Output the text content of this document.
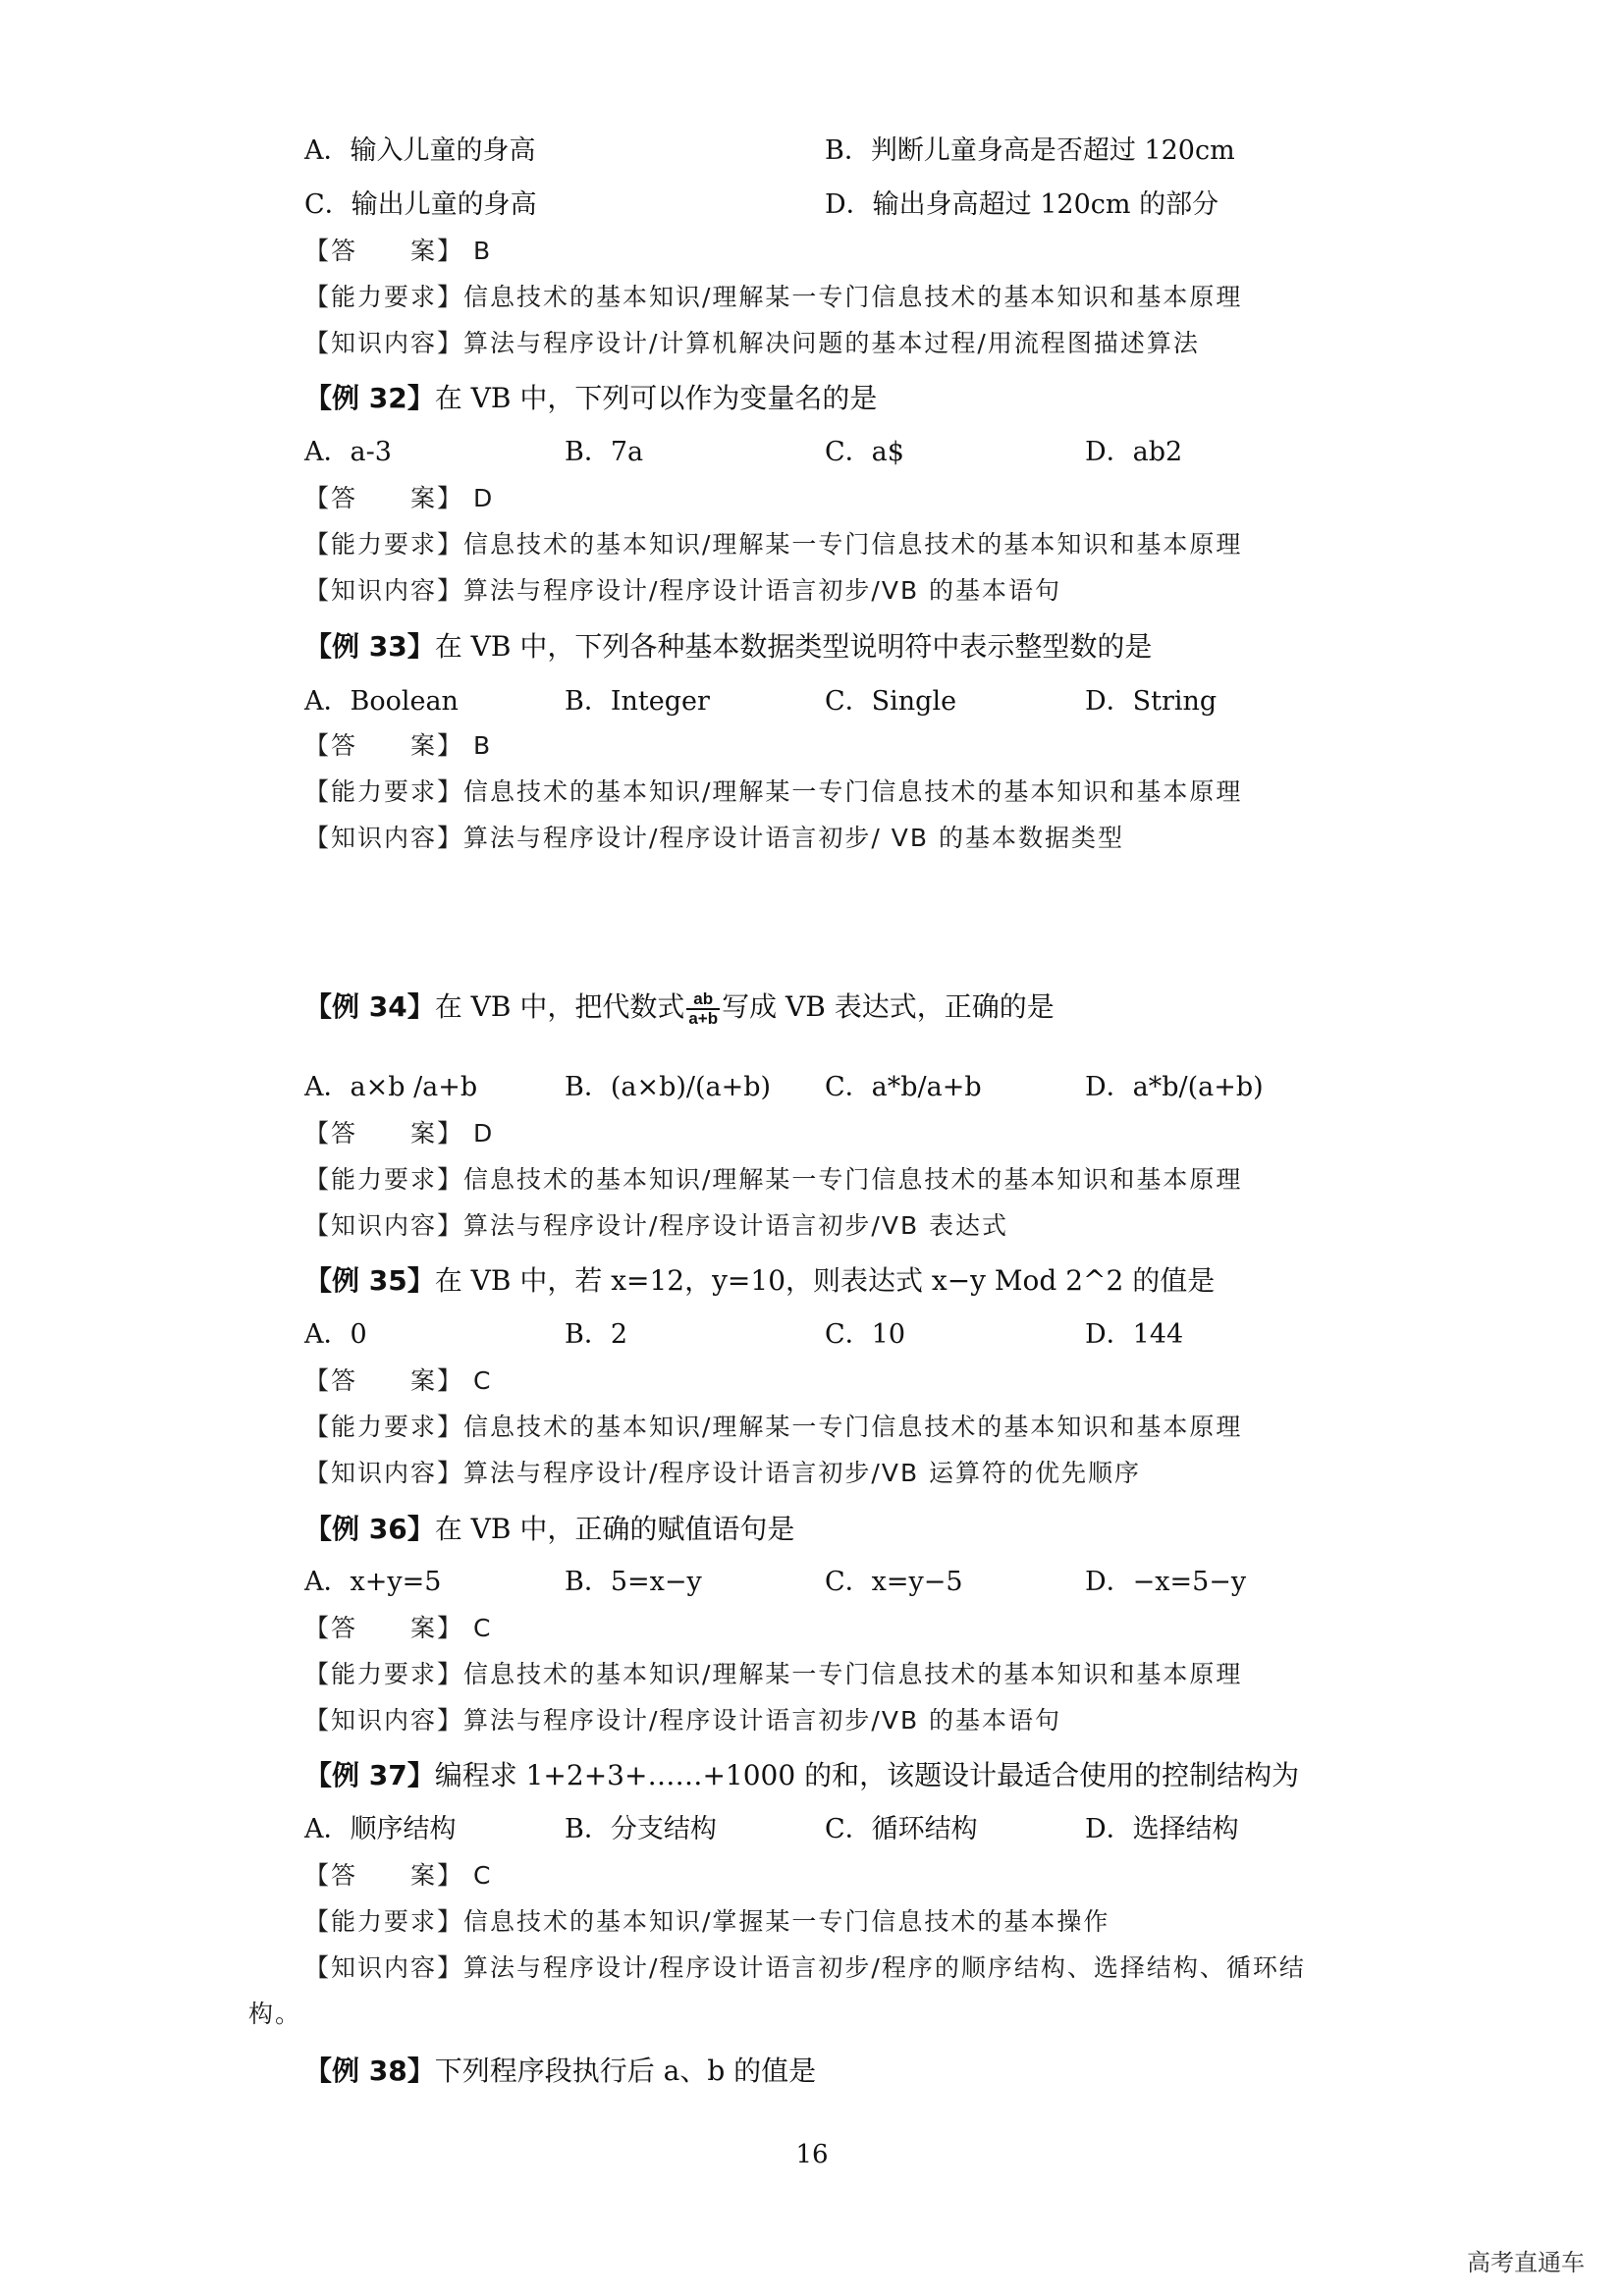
A．输入儿童的身高	B．判断儿童身高是否超过 120cm
C．输出儿童的身高	D．输出身高超过 120cm 的部分
【答　　案】 B
【能力要求】信息技术的基本知识/理解某一专门信息技术的基本知识和基本原理
【知识内容】算法与程序设计/计算机解决问题的基本过程/用流程图描述算法
【例 32】在 VB 中，下列可以作为变量名的是
A．a-3	B．7a	C．a$	D．ab2
【答　　案】 D
【能力要求】信息技术的基本知识/理解某一专门信息技术的基本知识和基本原理
【知识内容】算法与程序设计/程序设计语言初步/VB 的基本语句
【例 33】在 VB 中，下列各种基本数据类型说明符中表示整型数的是
A．Boolean	B．Integer	C．Single	D．String
【答　　案】 B
【能力要求】信息技术的基本知识/理解某一专门信息技术的基本知识和基本原理
【知识内容】算法与程序设计/程序设计语言初步/ VB 的基本数据类型
【例 34】在 VB 中，把代数式 $\frac{ab}{a+b}$ 写成 VB 表达式，正确的是
A．a×b /a+b	B．(a×b)/(a+b) C．a*b/a+b	D．a*b/(a+b)
【答　　案】 D
【能力要求】信息技术的基本知识/理解某一专门信息技术的基本知识和基本原理
【知识内容】算法与程序设计/程序设计语言初步/VB 表达式
【例 35】在 VB 中，若 x=12，y=10，则表达式 x−y Mod 2^2 的值是
A．0	B．2	C．10	D．144
【答　　案】 C
【能力要求】信息技术的基本知识/理解某一专门信息技术的基本知识和基本原理
【知识内容】算法与程序设计/程序设计语言初步/VB 运算符的优先顺序
【例 36】在 VB 中，正确的赋值语句是
A．x+y=5	B．5=x−y	C．x=y−5	D．−x=5−y
【答　　案】 C
【能力要求】信息技术的基本知识/理解某一专门信息技术的基本知识和基本原理
【知识内容】算法与程序设计/程序设计语言初步/VB 的基本语句
【例 37】编程求 1+2+3+……+1000 的和，该题设计最适合使用的控制结构为
A．顺序结构	B．分支结构	C．循环结构	D．选择结构
【答　　案】 C
【能力要求】信息技术的基本知识/掌握某一专门信息技术的基本操作
【知识内容】算法与程序设计/程序设计语言初步/程序的顺序结构、选择结构、循环结
构。
【例 38】下列程序段执行后 a、b 的值是
16
高考直通车
